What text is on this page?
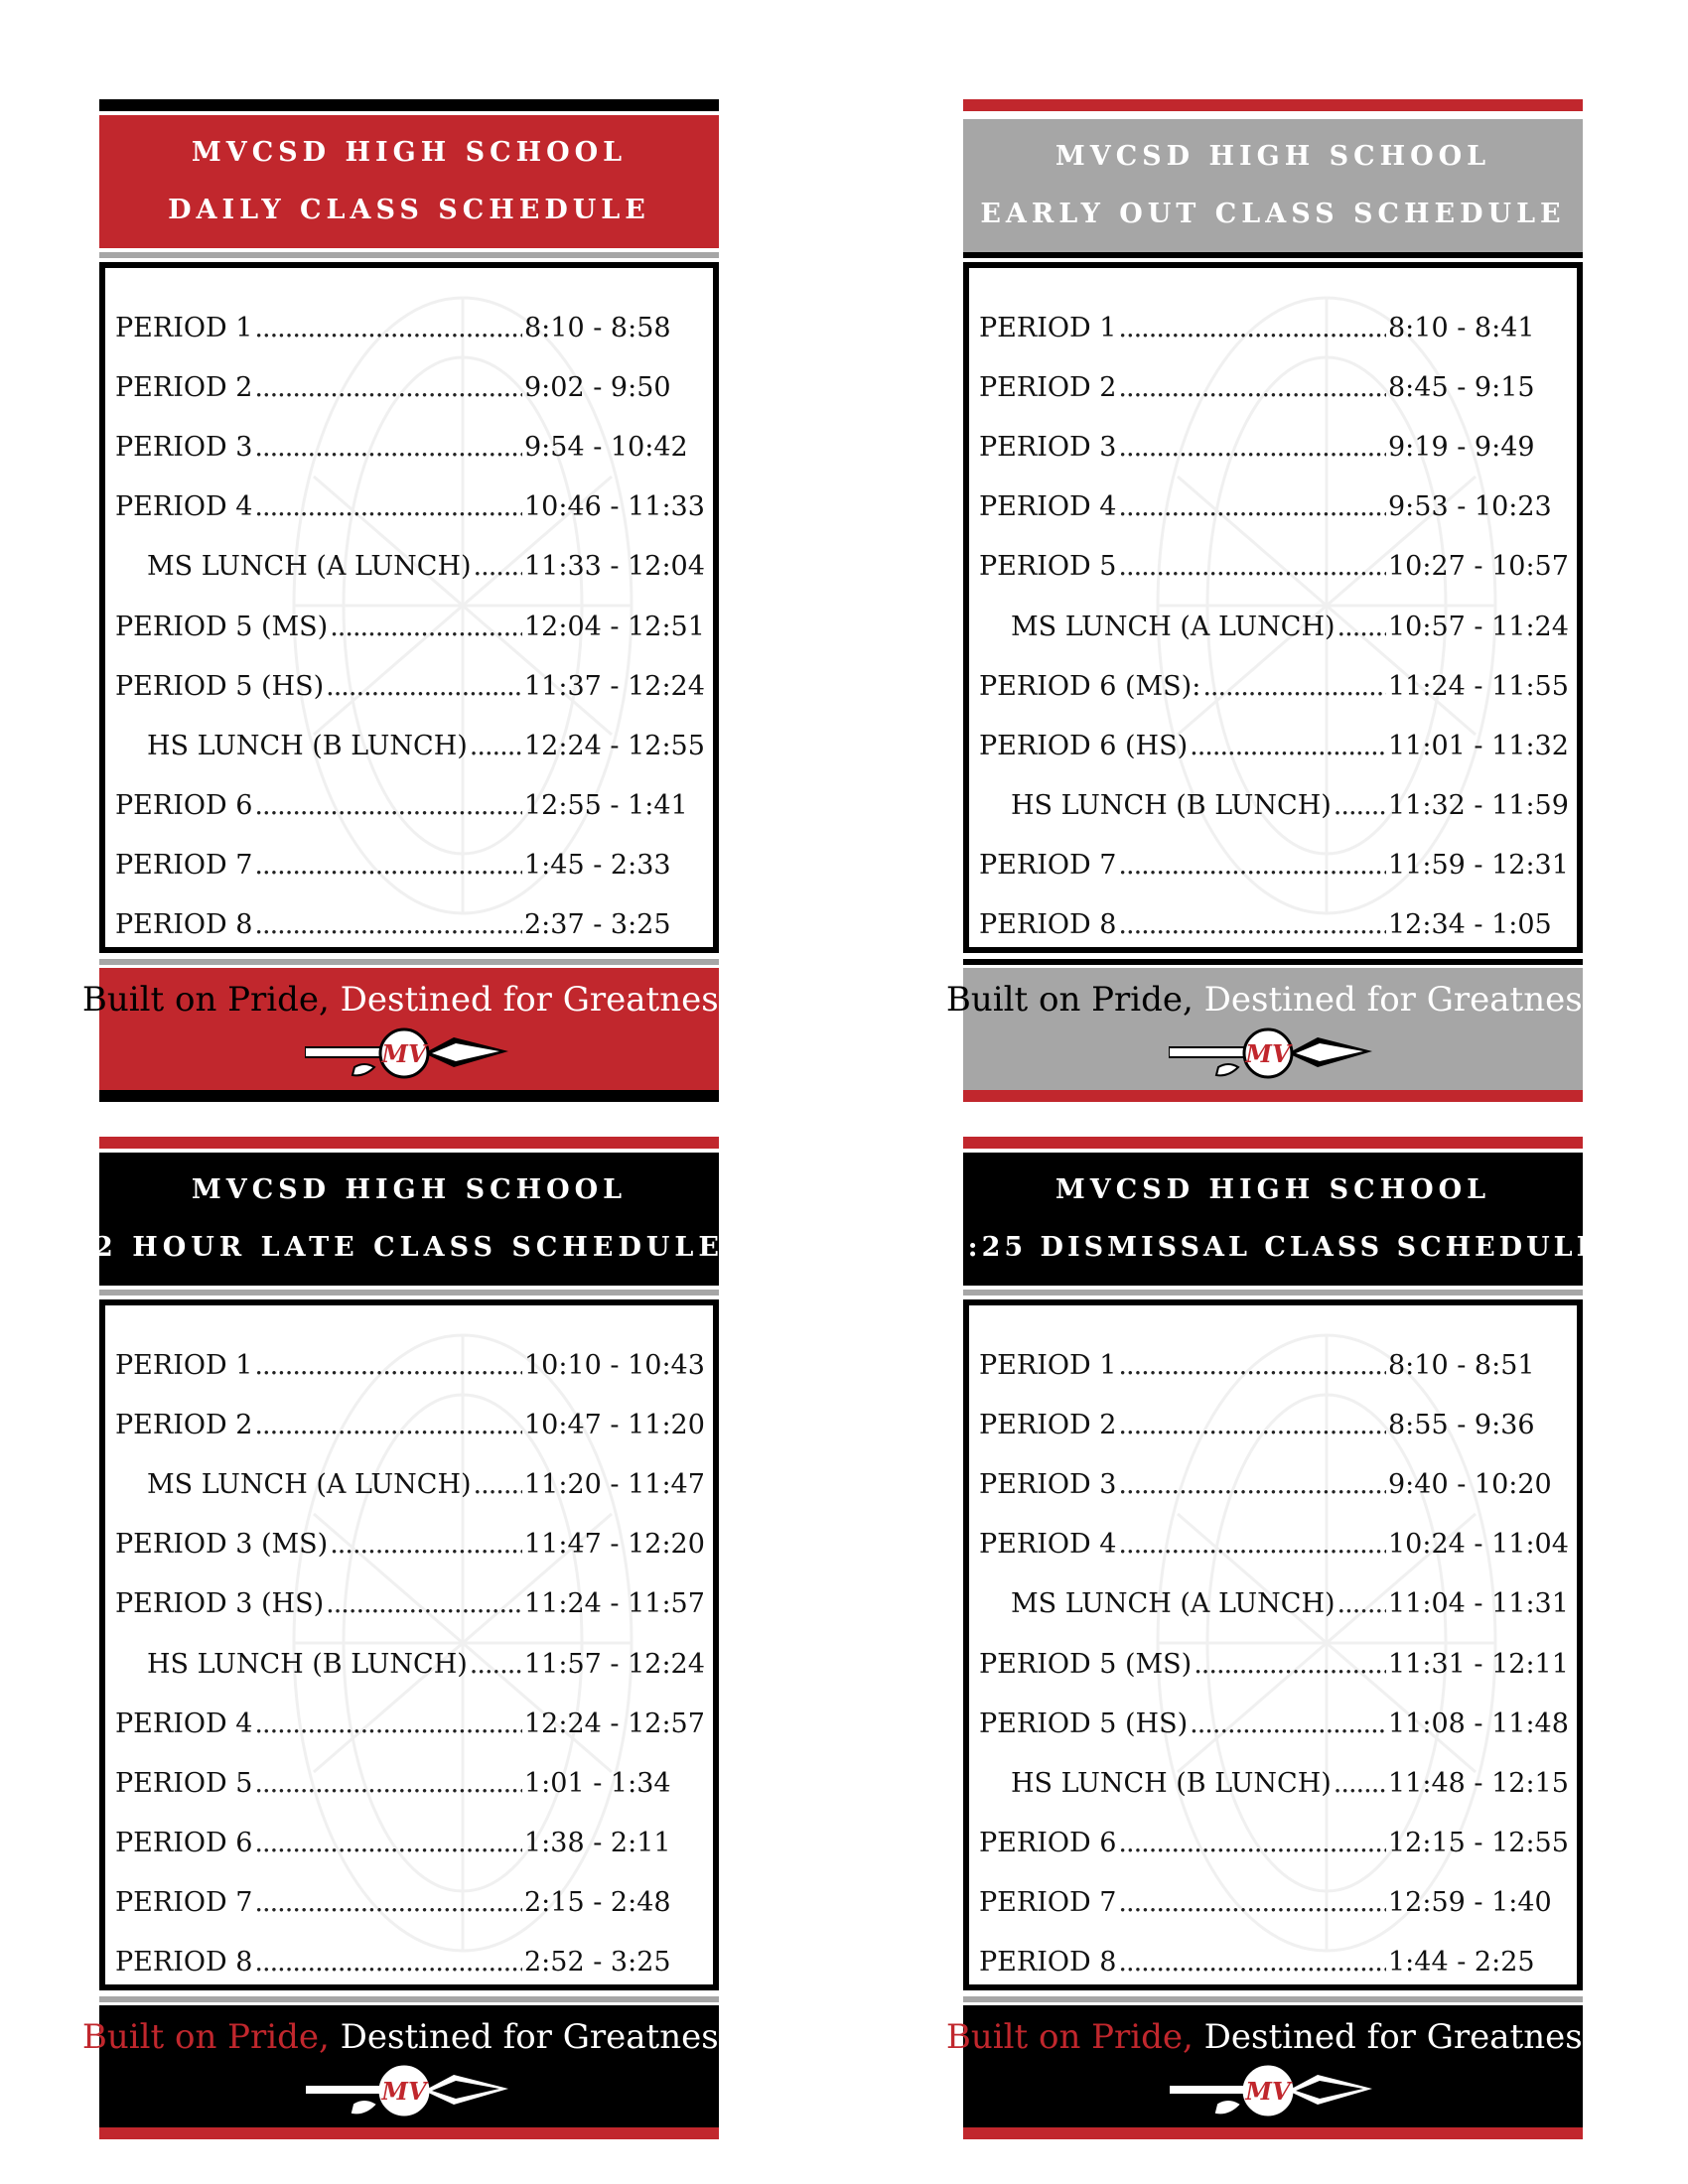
MVCSD HIGH SCHOOL
DAILY CLASS SCHEDULE
PERIOD 1 .....	8:10 - 8:58
PERIOD 2 .....	9:02 - 9:50
PERIOD 3 .....	9:54 - 10:42
PERIOD 4 .....	10:46 - 11:33
MS LUNCH (A LUNCH) ..... 11:33 - 12:04
PERIOD 5 (MS) .....	12:04 - 12:51
PERIOD 5 (HS) .....	11:37 - 12:24
HS LUNCH (B LUNCH) ..... 12:24 - 12:55
PERIOD 6 .....	12:55 - 1:41
PERIOD 7 .....	1:45 - 2:33
PERIOD 8 .....	2:37 - 3:25
Built on Pride, Destined for Greatness
MV
MVCSD HIGH SCHOOL
EARLY OUT CLASS SCHEDULE
PERIOD 1 .....	8:10 - 8:41
PERIOD 2 .....	8:45 - 9:15
PERIOD 3 .....	9:19 - 9:49
PERIOD 4 .....	9:53 - 10:23
PERIOD 5 .....	10:27 - 10:57
MS LUNCH (A LUNCH) ..... 10:57 - 11:24
PERIOD 6 (MS): .....	11:24 - 11:55
PERIOD 6 (HS) .....	11:01 - 11:32
HS LUNCH (B LUNCH) ..... 11:32 - 11:59
PERIOD 7 .....	11:59 - 12:31
PERIOD 8 .....	12:34 - 1:05
Built on Pride, Destined for Greatness
MV
MVCSD HIGH SCHOOL
2 HOUR LATE CLASS SCHEDULE
PERIOD 1 .....	10:10 - 10:43
PERIOD 2 .....	10:47 - 11:20
MS LUNCH (A LUNCH) ..... 11:20 - 11:47
PERIOD 3 (MS) .....	11:47 - 12:20
PERIOD 3 (HS) .....	11:24 - 11:57
HS LUNCH (B LUNCH) ..... 11:57 - 12:24
PERIOD 4 .....	12:24 - 12:57
PERIOD 5 .....	1:01 - 1:34
PERIOD 6 .....	1:38 - 2:11
PERIOD 7 .....	2:15 - 2:48
PERIOD 8 .....	2:52 - 3:25
Built on Pride, Destined for Greatness
MV
MVCSD HIGH SCHOOL
2:25 DISMISSAL CLASS SCHEDULE
PERIOD 1 .....	8:10 - 8:51
PERIOD 2 .....	8:55 - 9:36
PERIOD 3 .....	9:40 - 10:20
PERIOD 4 .....	10:24 - 11:04
MS LUNCH (A LUNCH) ..... 11:04 - 11:31
PERIOD 5 (MS) .....	11:31 - 12:11
PERIOD 5 (HS) .....	11:08 - 11:48
HS LUNCH (B LUNCH) ..... 11:48 - 12:15
PERIOD 6 .....	12:15 - 12:55
PERIOD 7 .....	12:59 - 1:40
PERIOD 8 .....	1:44 - 2:25
Built on Pride, Destined for Greatness
MV
